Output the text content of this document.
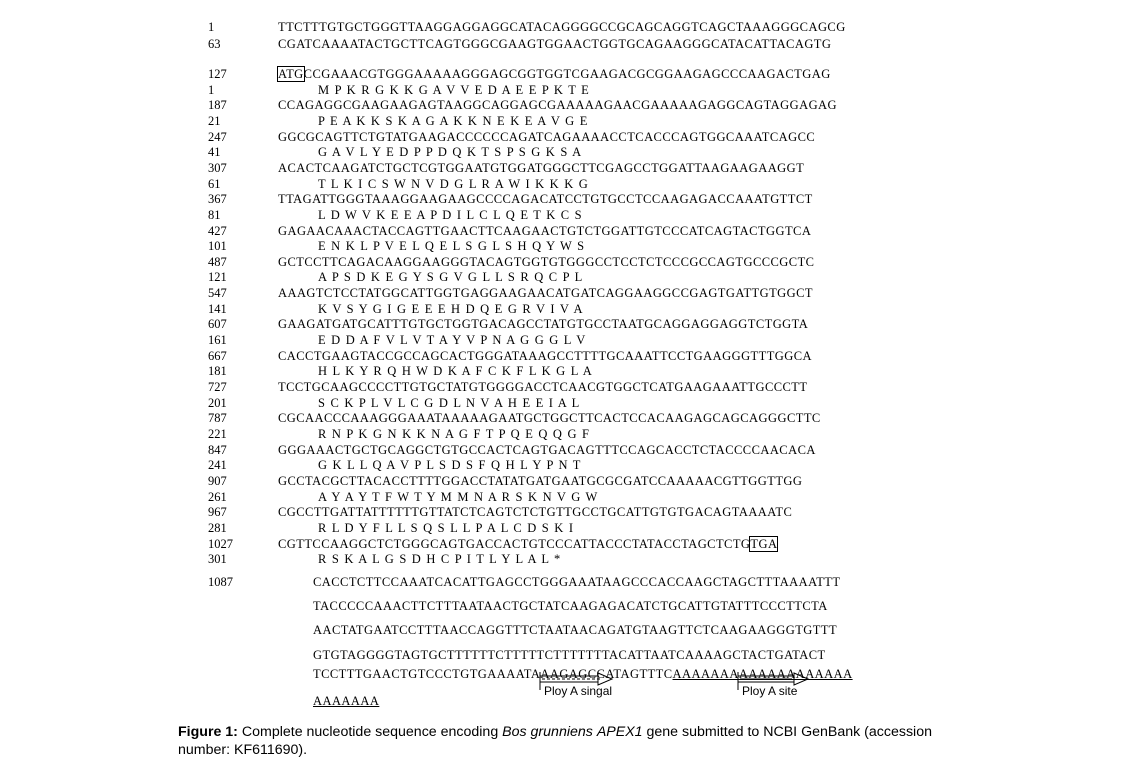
1	TTCTTTGTGCTGGGTTAAGGAGGAGGCATACAGGGGCCGCAGCAGGTCAGCTAAAGGGCAGCG
63	CGATCAAAATACTGCTTCAGTGGGCGAAGTGGAACTGGTGCAGAAGGGCATACATTACAGTG
127	ATGCCGAAACGTGGGAAAAAGGGAGCGGTGGTCGAAGACGCGGAAGAGCCCAAGACTGAG
1	M P K R G K K G A V V E D A E E P K T E
187	CCAGAGGCGAAGAAGAGTAAGGCAGGAGCGAAAAAGAACGAAAAAGAGGCAGTAGGAGAG
21	P E A K K S K A G A K K N E K E A V G E
247	GGCGCAGTTCTGTATGAAGACCCCCCAGATCAGAAAACCTCACCCAGTGGCAAATCAGCC
41	G A V L Y E D P P D Q K T S P S G K S A
307	ACACTCAAGATCTGCTCGTGGAATGTGGATGGGCTTCGAGCCTGGATTAAGAAGAAGGT
61	T L K I C S W N V D G L R A W I K K K G
367	TTAGATTGGGTAAAGGAAGAAGCCCCAGACATCCTGTGCCTCCAAGAGACCAAATGTTCT
81	L D W V K E E A P D I L C L Q E T K C S
427	GAGAACAAACTACCAGTTGAACTTCAAGAACTGTCTGGATTGTCCCATCAGTACTGGTCA
101	E N K L P V E L Q E L S G L S H Q Y W S
487	GCTCCTTCAGACAAGGAAGGGTACAGTGGTGTGGGCCTCCTCTCCCGCCAGTGCCCGCTC
121	A P S D K E G Y S G V G L L S R Q C P L
547	AAAGTCTCCTATGGCATTGGTGAGGAAGAACATGATCAGGAAGGCCGAGTGATTGTGGCT
141	K V S Y G I G E E E H D Q E G R V I V A
607	GAAGATGATGCATTTGTGCTGGTGACAGCCTATGTGCCTAATGCAGGAGGAGGTCTGGTA
161	E D D A F V L V T A Y V P N A G G G L V
667	CACCTGAAGTACCGCCAGCACTGGGATAAAGCCTTTTGCAAATTCCTGAAGGGTTTGGCA
181	H L K Y R Q H W D K A F C K F L K G L A
727	TCCTGCAAGCCCCTTGTGCTATGTGGGGACCTCAACGTGGCTCATGAAGAAATTGCCCTT
201	S C K P L V L C G D L N V A H E E I A L
787	CGCAACCCAAAGGGAAATAAAAAGAATGCTGGCTTCACTCCACAAGAGCAGCAGGGCTTC
221	R N P K G N K K N A G F T P Q E Q Q G F
847	GGGAAACTGCTGCAGGCTGTGCCACTCAGTGACAGTTTCCAGCACCTCTACCCCAACACA
241	G K L L Q A V P L S D S F Q H L Y P N T
907	GCCTACGCTTACACCTTTTGGACCTATATGATGAATGCGCGATCCAAAAACGTTGGTTGG
261	A Y A Y T F W T Y M M N A R S K N V G W
967	CGCCTTGATTATTTTTTGTTATCTCAGTCTCTGTTGCCTGCATTGTGTGACAGTAAAATC
281	R L D Y F L L S Q S L L P A L C D S K I
1027	CGTTCCAAGGCTCTGGGCAGTGACCACTGTCCCATTACCCTATACCTAGCTCTGTGA
301	R S K A L G S D H C P I T L Y L A L *
1087	CACCTCTTCCAAATCACATTGAGCCTGGGAAATAAGCCCACCAAGCTAGCTTTAAAATTT
TACCCCCAAACTTCTTTAATAACTGCTATCAAGAGACATCTGCATTGTATTTCCCTTCTA
AACTATGAATCCTTTAACCAGGTTTCTAATAACAGATGTAAGTTCTCAAGAAGGGTGTTT
GTGTAGGGGTAGTGCTTTTTTCTTTTTCTTTTTTTACATTAATCAAAAGCTACTGATACT
TCCTTTGAACTGTCCCTGTGAAAATAAAGAGCCATAGTTTCAAAAAAAAAAAAAAAAAAA
AAAAAAA
Ploy A singal	Ploy A site
Figure 1: Complete nucleotide sequence encoding Bos grunniens APEX1 gene submitted to NCBI GenBank (accession number: KF611690).
